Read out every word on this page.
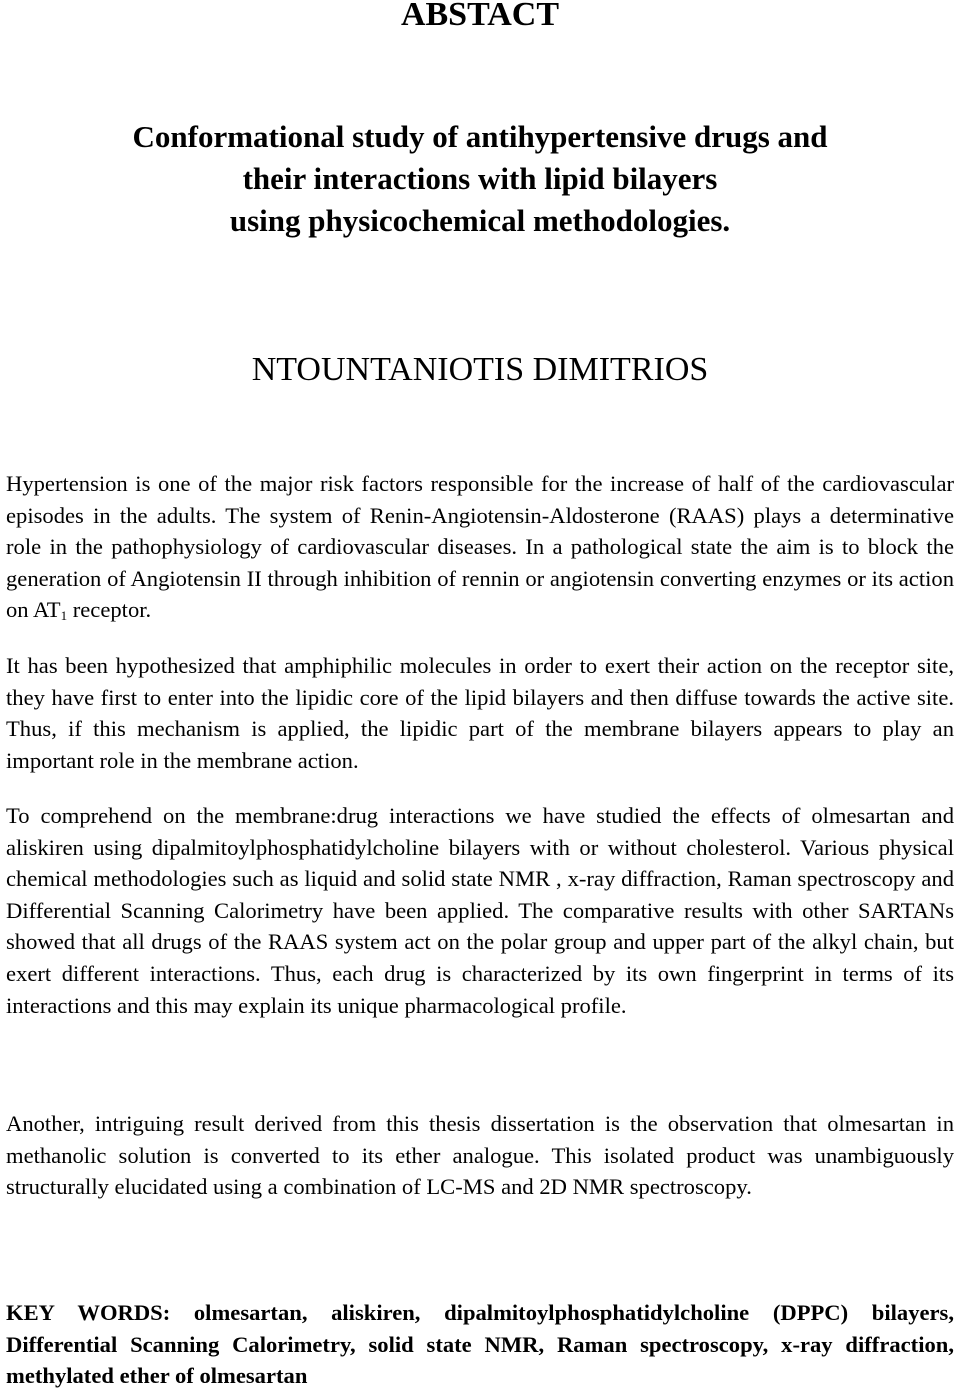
ABSTACT
Conformational study of antihypertensive drugs and
their interactions with lipid bilayers
using physicochemical methodologies.
NTOUNTANIOTIS DIMITRIOS

Hypertension is one of the major risk factors responsible for the increase of half of the cardiovascular episodes in the adults. The system of Renin-Angiotensin-Aldosterone (RAAS) plays a determinative role in the pathophysiology of cardiovascular diseases. In a pathological state the aim is to block the generation of Angiotensin II through inhibition of rennin or angiotensin converting enzymes or its action on $AT_1$ receptor.

It has been hypothesized that amphiphilic molecules in order to exert their action on the receptor site, they have first to enter into the lipidic core of the lipid bilayers and then diffuse towards the active site. Thus, if this mechanism is applied, the lipidic part of the membrane bilayers appears to play an important role in the membrane action.

To comprehend on the membrane:drug interactions we have studied the effects of olmesartan and aliskiren using dipalmitoylphosphatidylcholine bilayers with or without cholesterol. Various physical chemical methodologies such as liquid and solid state NMR , x-ray diffraction, Raman spectroscopy and Differential Scanning Calorimetry have been applied. The comparative results with other SARTANs showed that all drugs of the RAAS system act on the polar group and upper part of the alkyl chain, but exert different interactions. Thus, each drug is characterized by its own fingerprint in terms of its interactions and this may explain its unique pharmacological profile.

Another, intriguing result derived from this thesis dissertation is the observation that olmesartan in methanolic solution is converted to its ether analogue. This isolated product was unambiguously structurally elucidated using a combination of LC-MS and 2D NMR spectroscopy.

KEY WORDS: olmesartan, aliskiren, dipalmitoylphosphatidylcholine (DPPC) bilayers, Differential Scanning Calorimetry, solid state NMR, Raman spectroscopy, x-ray diffraction, methylated ether of olmesartan
